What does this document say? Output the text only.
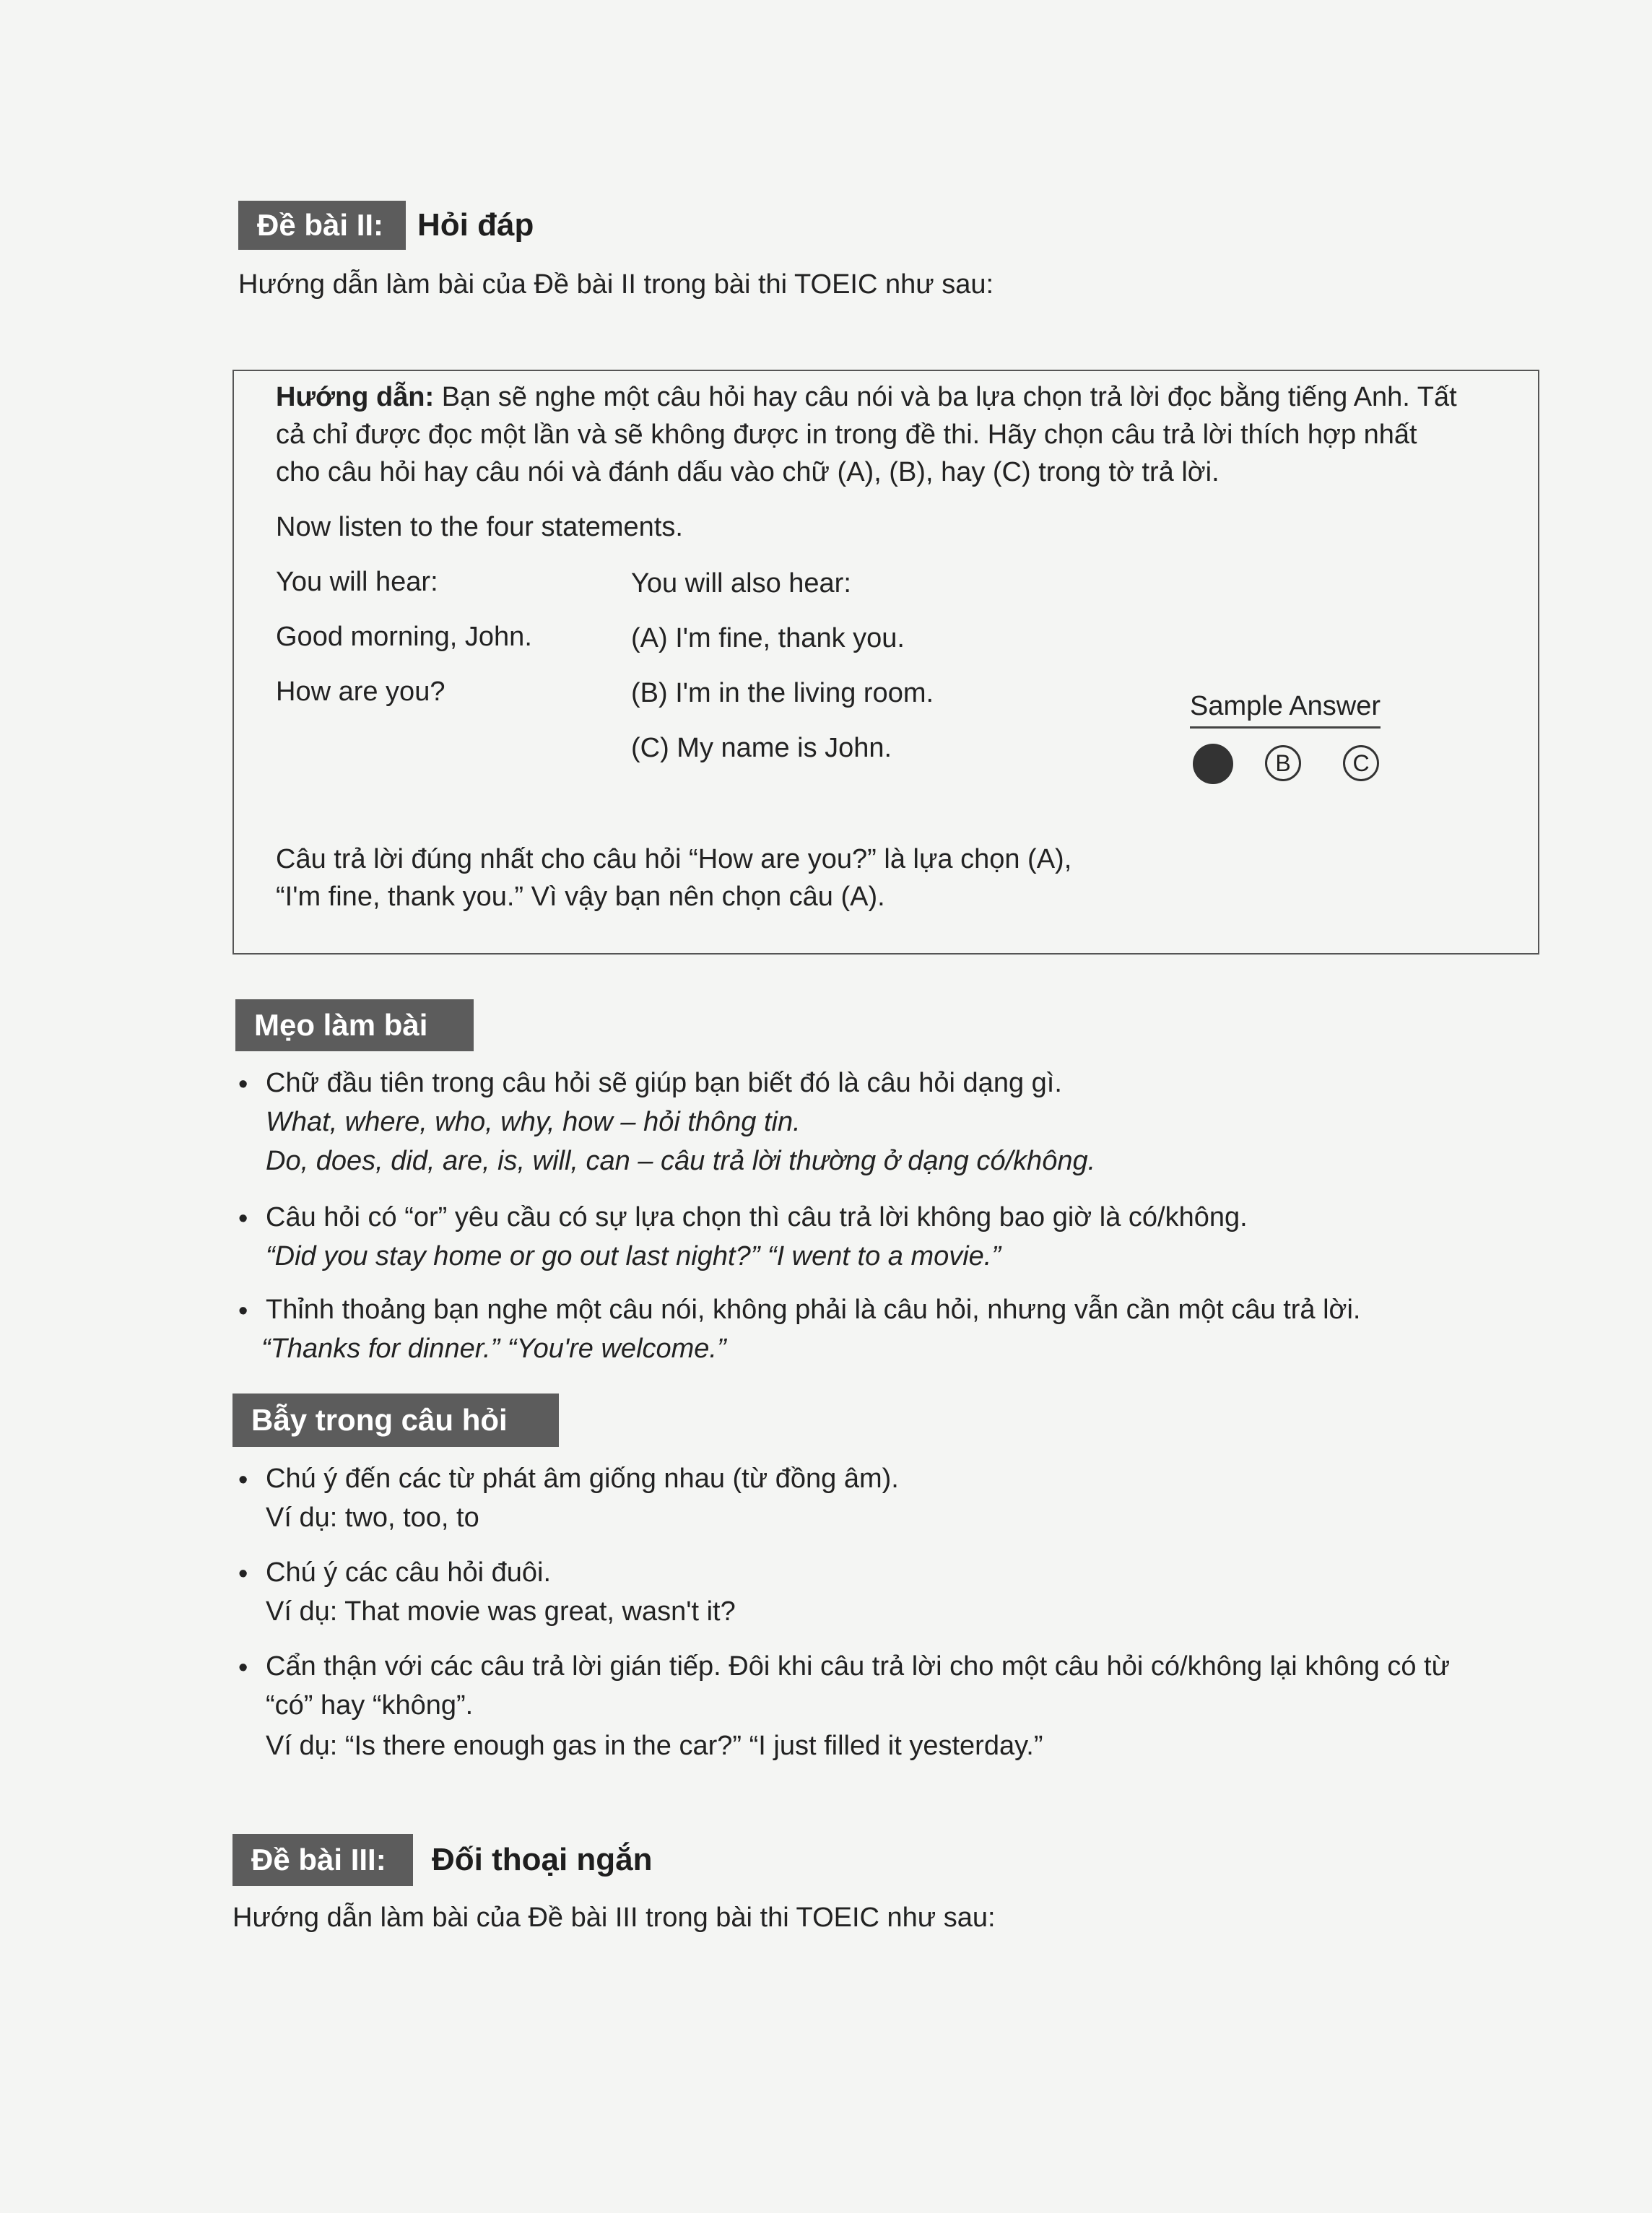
Đề bài II:	Hỏi đáp
Hướng dẫn làm bài của Đề bài II trong bài thi TOEIC như sau:
Hướng dẫn: Bạn sẽ nghe một câu hỏi hay câu nói và ba lựa chọn trả lời đọc bằng tiếng Anh. Tất
cả chỉ được đọc một lần và sẽ không được in trong đề thi. Hãy chọn câu trả lời thích hợp nhất
cho câu hỏi hay câu nói và đánh dấu vào chữ (A), (B), hay (C) trong tờ trả lời.
Now listen to the four statements.
You will hear:	You will also hear:
Good morning, John.	(A) I'm fine, thank you.
How are you?	(B) I'm in the living room.
(C) My name is John.
Sample Answer
B	C
Câu trả lời đúng nhất cho câu hỏi “How are you?” là lựa chọn (A),
“I'm fine, thank you.” Vì vậy bạn nên chọn câu (A).
Mẹo làm bài
• Chữ đầu tiên trong câu hỏi sẽ giúp bạn biết đó là câu hỏi dạng gì.
What, where, who, why, how – hỏi thông tin.
Do, does, did, are, is, will, can – câu trả lời thường ở dạng có/không.
• Câu hỏi có “or” yêu cầu có sự lựa chọn thì câu trả lời không bao giờ là có/không.
“Did you stay home or go out last night?” “I went to a movie.”
• Thỉnh thoảng bạn nghe một câu nói, không phải là câu hỏi, nhưng vẫn cần một câu trả lời.
“Thanks for dinner.” “You're welcome.”
Bẫy trong câu hỏi
• Chú ý đến các từ phát âm giống nhau (từ đồng âm).
Ví dụ: two, too, to
• Chú ý các câu hỏi đuôi.
Ví dụ: That movie was great, wasn't it?
• Cẩn thận với các câu trả lời gián tiếp. Đôi khi câu trả lời cho một câu hỏi có/không lại không có từ
“có” hay “không”.
Ví dụ: “Is there enough gas in the car?” “I just filled it yesterday.”
Đề bài III:	Đối thoại ngắn
Hướng dẫn làm bài của Đề bài III trong bài thi TOEIC như sau:
